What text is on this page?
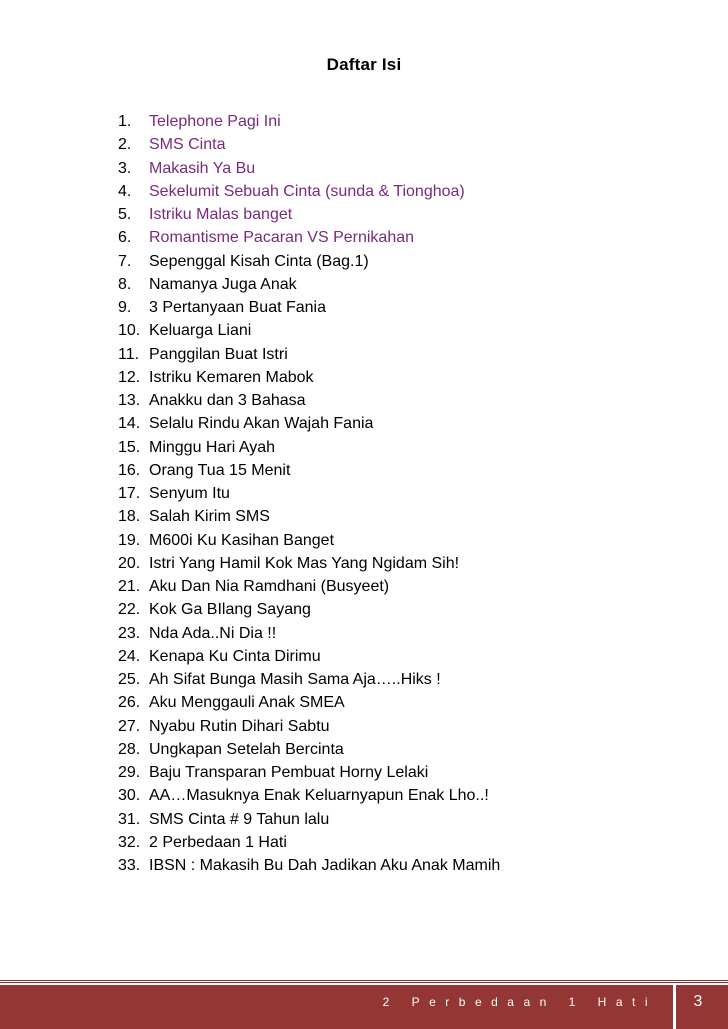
Daftar Isi
1.	Telephone Pagi Ini
2.	SMS Cinta
3.	Makasih Ya Bu
4.	Sekelumit Sebuah Cinta (sunda & Tionghoa)
5.	Istriku Malas banget
6.	Romantisme Pacaran VS Pernikahan
7.	Sepenggal Kisah Cinta (Bag.1)
8.	Namanya Juga Anak
9.	3 Pertanyaan Buat Fania
10. Keluarga Liani
11. Panggilan Buat Istri
12. Istriku Kemaren Mabok
13. Anakku dan 3 Bahasa
14. Selalu Rindu Akan Wajah Fania
15. Minggu Hari Ayah
16. Orang Tua 15 Menit
17. Senyum Itu
18. Salah Kirim SMS
19. M600i Ku Kasihan Banget
20. Istri Yang Hamil Kok Mas Yang Ngidam Sih!
21. Aku Dan Nia Ramdhani (Busyeet)
22. Kok Ga BIlang Sayang
23. Nda Ada..Ni Dia !!
24. Kenapa Ku Cinta Dirimu
25. Ah Sifat Bunga Masih Sama Aja…..Hiks !
26. Aku Menggauli Anak SMEA
27. Nyabu Rutin Dihari Sabtu
28. Ungkapan Setelah Bercinta
29. Baju Transparan Pembuat Horny Lelaki
30. AA…Masuknya Enak Keluarnyapun Enak Lho..!
31. SMS Cinta # 9 Tahun lalu
32. 2 Perbedaan 1 Hati
33. IBSN : Makasih Bu Dah Jadikan Aku Anak Mamih
2 Perbedaan 1 Hati	3
